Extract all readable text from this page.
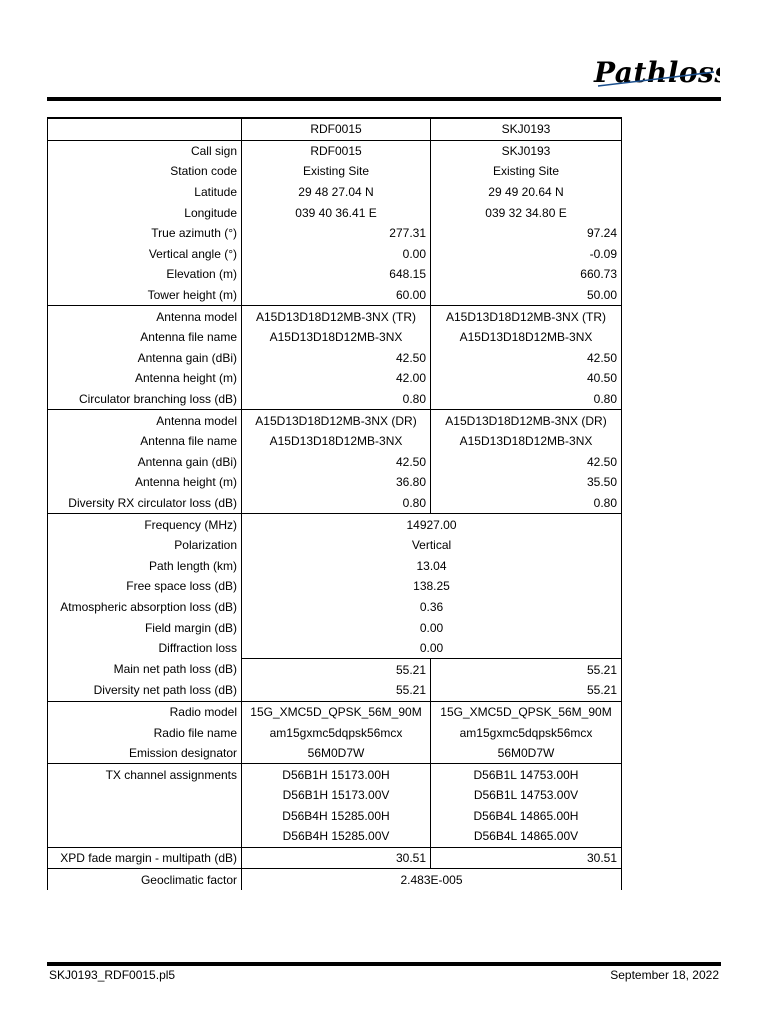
Pathloss
	RDF0015	SKJ0193
Call sign	RDF0015	SKJ0193
Station code	Existing Site	Existing Site
Latitude	29 48 27.04 N	29 49 20.64 N
Longitude	039 40 36.41 E	039 32 34.80 E
True azimuth (°)	277.31	97.24
Vertical angle (°)	0.00	-0.09
Elevation (m)	648.15	660.73
Tower height (m)	60.00	50.00
Antenna model	A15D13D18D12MB-3NX (TR)	A15D13D18D12MB-3NX (TR)
Antenna file name	A15D13D18D12MB-3NX	A15D13D18D12MB-3NX
Antenna gain (dBi)	42.50	42.50
Antenna height (m)	42.00	40.50
Circulator branching loss (dB)	0.80	0.80
Antenna model	A15D13D18D12MB-3NX (DR)	A15D13D18D12MB-3NX (DR)
Antenna file name	A15D13D18D12MB-3NX	A15D13D18D12MB-3NX
Antenna gain (dBi)	42.50	42.50
Antenna height (m)	36.80	35.50
Diversity RX circulator loss (dB)	0.80	0.80
Frequency (MHz)	14927.00	
Polarization	Vertical	
Path length (km)	13.04	
Free space loss (dB)	138.25	
Atmospheric absorption loss (dB)	0.36	
Field margin (dB)	0.00	
Diffraction loss	0.00	
Main net path loss (dB)	55.21	55.21
Diversity net path loss (dB)	55.21	55.21
Radio model	15G_XMC5D_QPSK_56M_90M	15G_XMC5D_QPSK_56M_90M
Radio file name	am15gxmc5dqpsk56mcx	am15gxmc5dqpsk56mcx
Emission designator	56M0D7W	56M0D7W
TX channel assignments	D56B1H 15173.00H	D56B1L 14753.00H
	D56B1H 15173.00V	D56B1L 14753.00V
	D56B4H 15285.00H	D56B4L 14865.00H
	D56B4H 15285.00V	D56B4L 14865.00V
XPD fade margin - multipath (dB)	30.51	30.51
Geoclimatic factor	2.483E-005	
SKJ0193_RDF0015.pl5	September 18, 2022
